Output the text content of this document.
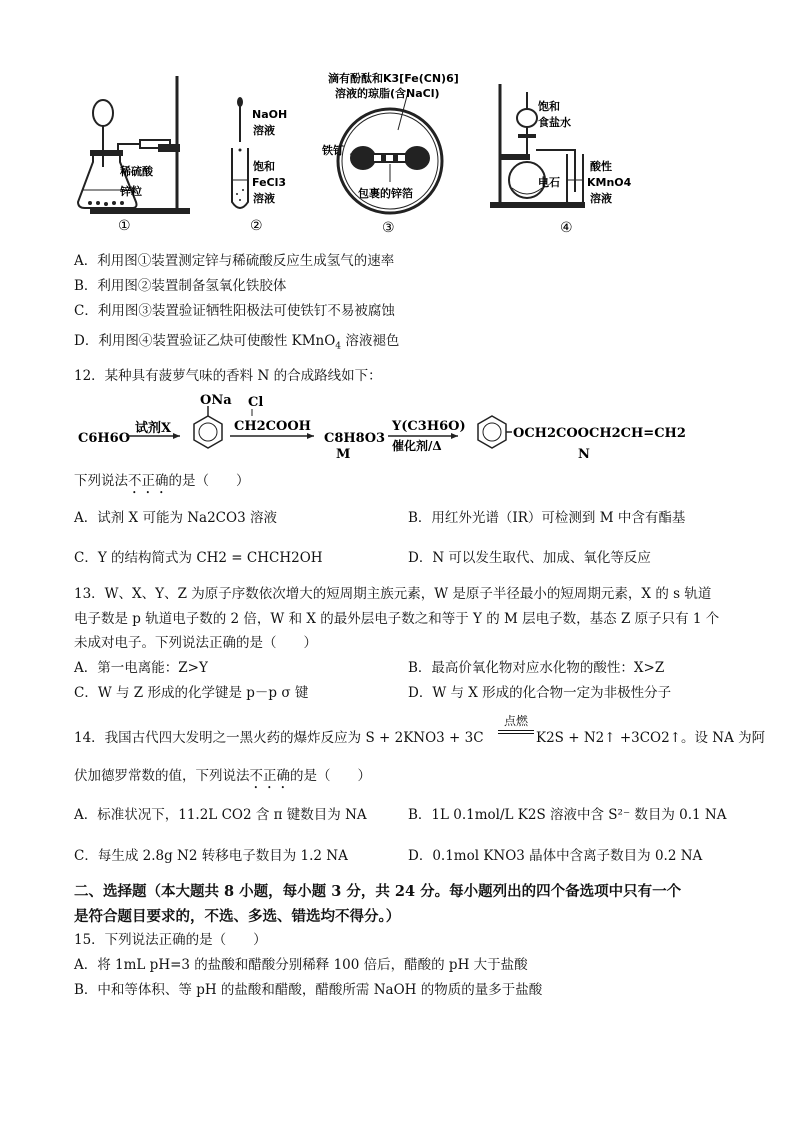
稀硫酸
锌粒
①
NaOH
溶液
饱和
FeCl3
溶液
②
滴有酚酞和K3[Fe(CN)6]
溶液的琼脂(含NaCl)
铁钉
包裹的锌箔
③
饱和
食盐水
酸性
KMnO4
溶液
电石
④
A．利用图①装置测定锌与稀硫酸反应生成氢气的速率
B．利用图②装置制备氢氧化铁胶体
C．利用图③装置验证牺牲阳极法可使铁钉不易被腐蚀
D．利用图④装置验证乙炔可使酸性 KMnO$_4$ 溶液褪色
12．某种具有菠萝气味的香料 N 的合成路线如下：
C6H6O
试剂X
ONa Cl
CH2COOH
C8H8O3
M
Y(C3H6O)
催化剂/Δ
OCH2COOCH2CH=CH2
N
下列说法不正确的是（　　）
A．试剂 X 可能为 Na2CO3 溶液	B．用红外光谱（IR）可检测到 M 中含有酯基
C．Y 的结构简式为 CH2 = CHCH2OH	D．N 可以发生取代、加成、氧化等反应
13．W、X、Y、Z 为原子序数依次增大的短周期主族元素，W 是原子半径最小的短周期元素，X 的 s 轨道
电子数是 p 轨道电子数的 2 倍，W 和 X 的最外层电子数之和等于 Y 的 M 层电子数，基态 Z 原子只有 1 个
未成对电子。下列说法正确的是（　　）
A．第一电离能：Z>Y	B．最高价氧化物对应水化物的酸性：X>Z
C．W 与 Z 形成的化学键是 p－p σ 键	D．W 与 X 形成的化合物一定为非极性分子
14．我国古代四大发明之一黑火药的爆炸反应为 S + 2KNO3 + 3C
点燃
K2S + N2↑ +3CO2↑。设 NA 为阿
伏加德罗常数的值，下列说法不正确的是（　　）
A．标准状况下，11.2L CO2 含 π 键数目为 NA	B．1L 0.1mol/L K2S 溶液中含 S²⁻ 数目为 0.1 NA
C．每生成 2.8g N2 转移电子数目为 1.2 NA	D．0.1mol KNO3 晶体中含离子数目为 0.2 NA
二、选择题（本大题共 8 小题，每小题 3 分，共 24 分。每小题列出的四个备选项中只有一个
是符合题目要求的，不选、多选、错选均不得分。）
15．下列说法正确的是（　　）
A．将 1mL pH=3 的盐酸和醋酸分别稀释 100 倍后，醋酸的 pH 大于盐酸
B．中和等体积、等 pH 的盐酸和醋酸，醋酸所需 NaOH 的物质的量多于盐酸
